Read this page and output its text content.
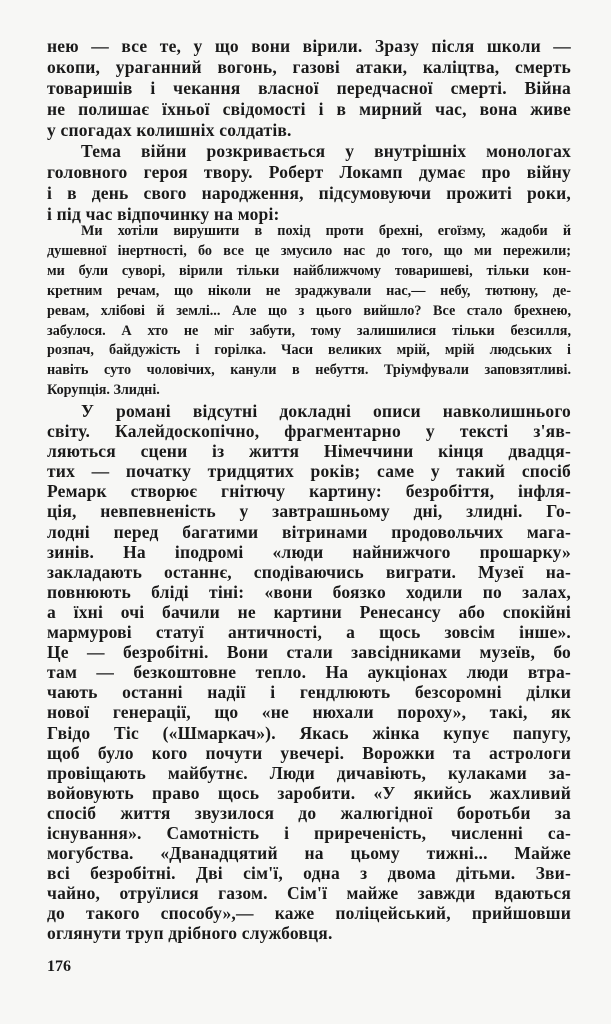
нею — все те, у що вони вірили. Зразу після школи —
окопи, ураганний вогонь, газові атаки, каліцтва, смерть
товаришів і чекання власної передчасної смерті. Війна
не полишає їхньої свідомості і в мирний час, вона живе
у спогадах колишніх солдатів.
Тема війни розкривається у внутрішніх монологах
головного героя твору. Роберт Локамп думає про війну
і в день свого народження, підсумовуючи прожиті роки,
і під час відпочинку на морі:
Ми хотіли вирушити в похід проти брехні, егоїзму, жадоби й
душевної інертності, бо все це змусило нас до того, що ми пережили;
ми були суворі, вірили тільки найближчому товаришеві, тільки кон-
кретним речам, що ніколи не зраджували нас,— небу, тютюну, де-
ревам, хлібові й землі... Але що з цього вийшло? Все стало брехнею,
забулося. А хто не міг забути, тому залишилися тільки безсилля,
розпач, байдужість і горілка. Часи великих мрій, мрій людських і
навіть суто чоловічих, канули в небуття. Тріумфували заповзятливі.
Корупція. Злидні.
У романі відсутні докладні описи навколишнього
світу. Калейдоскопічно, фрагментарно у тексті з'яв-
ляються сцени із життя Німеччини кінця двадця-
тих — початку тридцятих років; саме у такий спосіб
Ремарк створює гнітючу картину: безробіття, інфля-
ція, невпевненість у завтрашньому дні, злидні. Го-
лодні перед багатими вітринами продовольчих мага-
зинів. На іподромі «люди найнижчого прошарку»
закладають останнє, сподіваючись виграти. Музеї на-
повнюють бліді тіні: «вони боязко ходили по залах,
а їхні очі бачили не картини Ренесансу або спокійні
мармурові статуї античності, а щось зовсім інше».
Це — безробітні. Вони стали завсідниками музеїв, бо
там — безкоштовне тепло. На аукціонах люди втра-
чають останні надії і гендлюють безсоромні ділки
нової генерації, що «не нюхали пороху», такі, як
Гвідо Тіс («Шмаркач»). Якась жінка купує папугу,
щоб було кого почути увечері. Ворожки та астрологи
провіщають майбутнє. Люди дичавіють, кулаками за-
войовують право щось заробити. «У якийсь жахливий
спосіб життя звузилося до жалюгідної боротьби за
існування». Самотність і приреченість, численні са-
могубства. «Дванадцятий на цьому тижні... Майже
всі безробітні. Дві сім'ї, одна з двома дітьми. Зви-
чайно, отруїлися газом. Сім'ї майже завжди вдаються
до такого способу»,— каже поліцейський, прийшовши
оглянути труп дрібного службовця.
176
